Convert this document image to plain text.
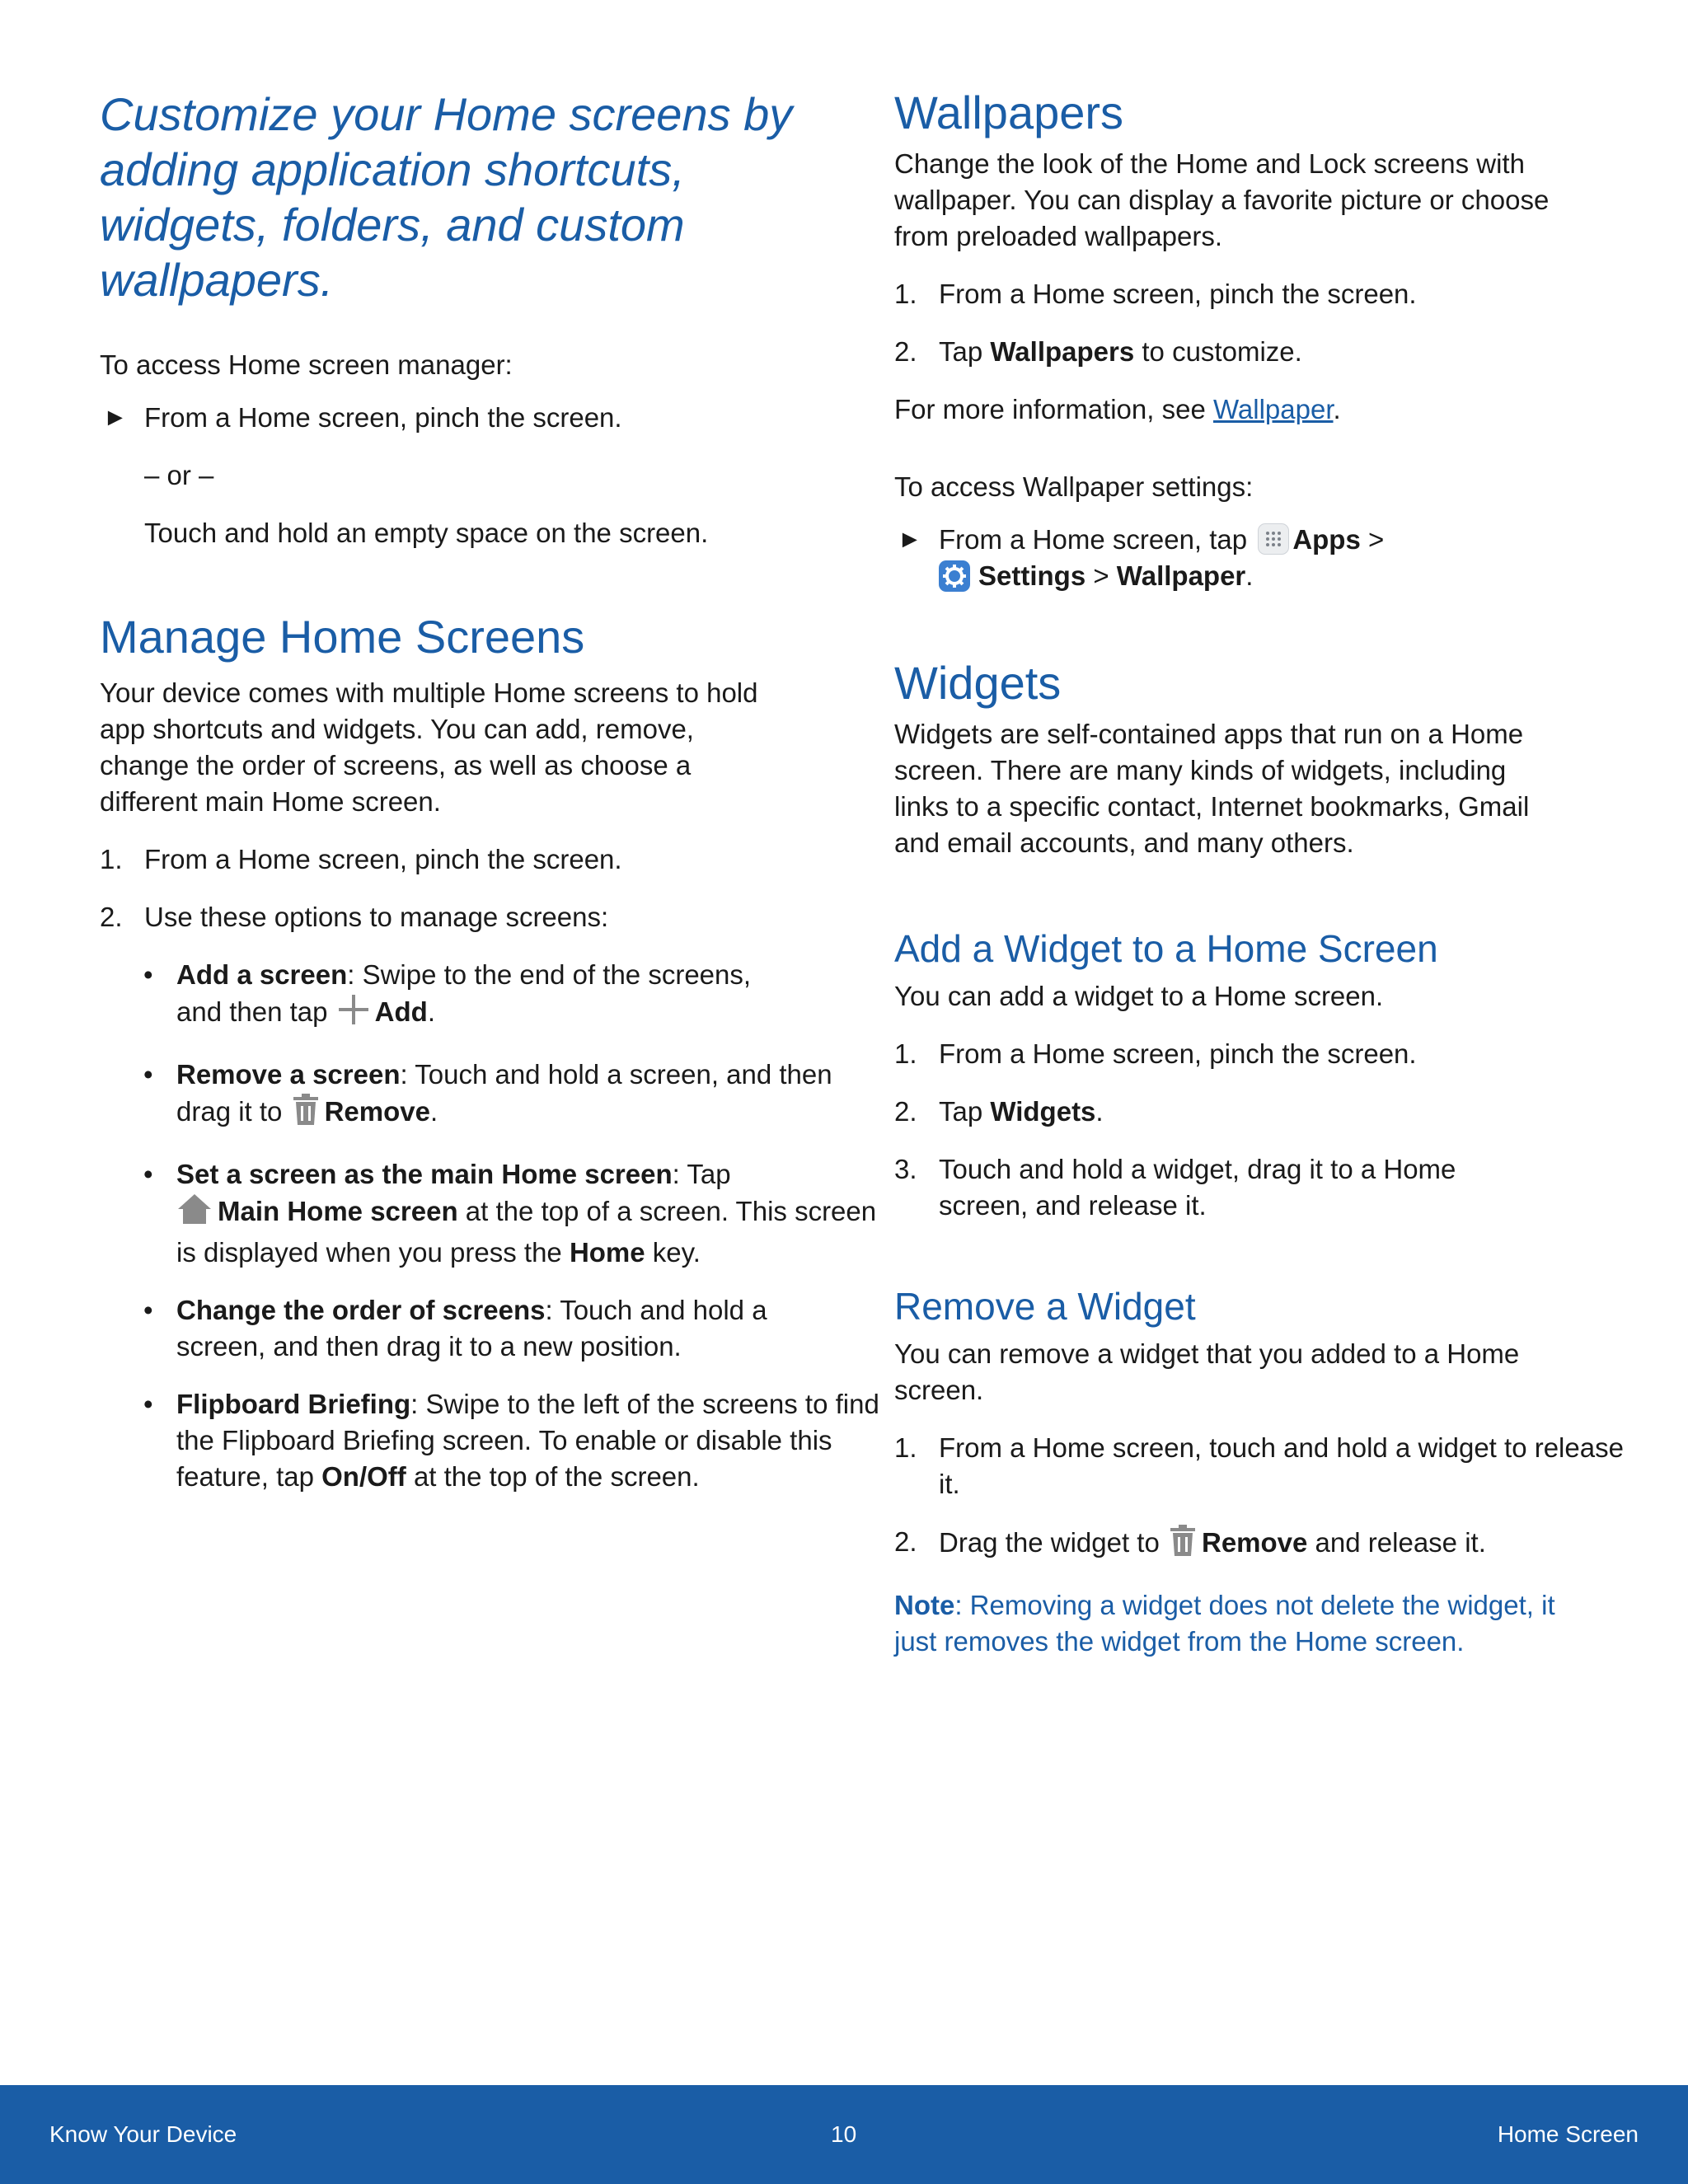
Customize your Home screens by adding application shortcuts, widgets, folders, and custom wallpapers.

To access Home screen manager:

► From a Home screen, pinch the screen.

– or –

Touch and hold an empty space on the screen.

Manage Home Screens

Your device comes with multiple Home screens to hold app shortcuts and widgets. You can add, remove, change the order of screens, as well as choose a different main Home screen.

1. From a Home screen, pinch the screen.
2. Use these options to manage screens:
• Add a screen: Swipe to the end of the screens, and then tap Add.
• Remove a screen: Touch and hold a screen, and then drag it to Remove.
• Set a screen as the main Home screen: Tap
Main Home screen at the top of a screen. This screen is displayed when you press the Home key.
• Change the order of screens: Touch and hold a screen, and then drag it to a new position.
• Flipboard Briefing: Swipe to the left of the screens to find the Flipboard Briefing screen. To enable or disable this feature, tap On/Off at the top of the screen.
Wallpapers

Change the look of the Home and Lock screens with wallpaper. You can display a favorite picture or choose from preloaded wallpapers.

1. From a Home screen, pinch the screen.
2. Tap Wallpapers to customize.

For more information, see Wallpaper.

To access Wallpaper settings:

► From a Home screen, tap
Apps >
Settings > Wallpaper.
Widgets

Widgets are self-contained apps that run on a Home screen. There are many kinds of widgets, including links to a specific contact, Internet bookmarks, Gmail and email accounts, and many others.

Add a Widget to a Home Screen

You can add a widget to a Home screen.

1. From a Home screen, pinch the screen.
2. Tap Widgets.
3. Touch and hold a widget, drag it to a Home screen, and release it.
Remove a Widget

You can remove a widget that you added to a Home screen.

1. From a Home screen, touch and hold a widget to release it.
2. Drag the widget to Remove and release it.

Note: Removing a widget does not delete the widget, it just removes the widget from the Home screen.

Know Your Device	10	Home Screen
